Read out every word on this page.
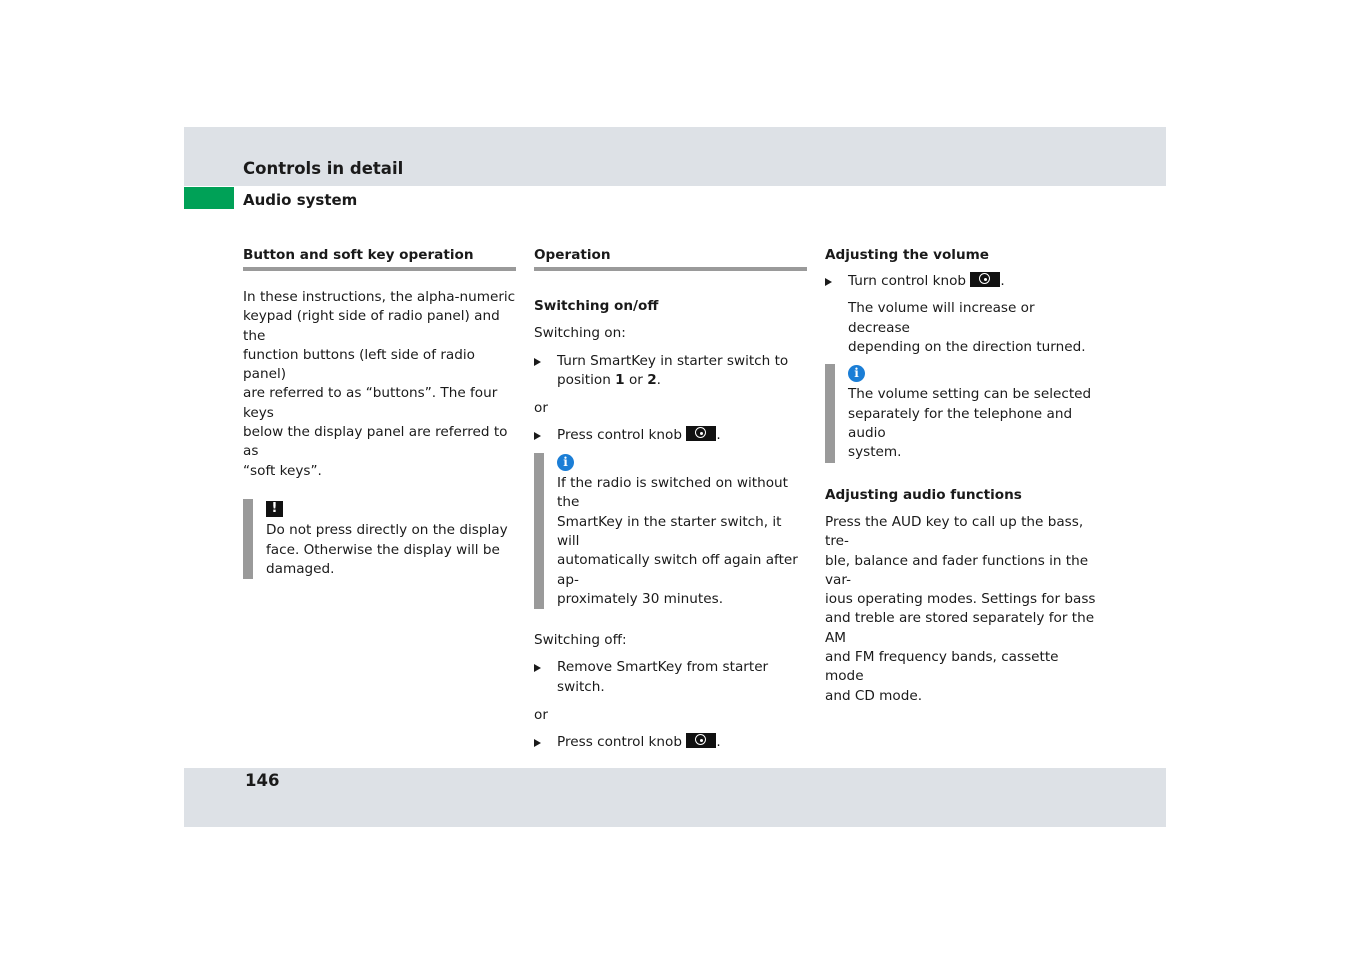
Controls in detail
Audio system
Button and soft key operation

In these instructions, the alpha-numeric
keypad (right side of radio panel) and the
function buttons (left side of radio panel)
are referred to as “buttons”. The four keys
below the display panel are referred to as
“soft keys”.

!

Do not press directly on the display
face. Otherwise the display will be
damaged.

Operation

Switching on/off

Switching on:

Turn SmartKey in starter switch to
position 1 or 2.

or

Press control knob	.
i

If the radio is switched on without the
SmartKey in the starter switch, it will
automatically switch off again after ap-
proximately 30 minutes.

Switching off:

Remove SmartKey from starter switch.

or

Press control knob	.
Adjusting the volume
Turn control knob	.

The volume will increase or decrease
depending on the direction turned.

i

The volume setting can be selected
separately for the telephone and audio
system.

Adjusting audio functions

Press the AUD key to call up the bass, tre-
ble, balance and fader functions in the var-
ious operating modes. Settings for bass
and treble are stored separately for the AM
and FM frequency bands, cassette mode
and CD mode.

146
